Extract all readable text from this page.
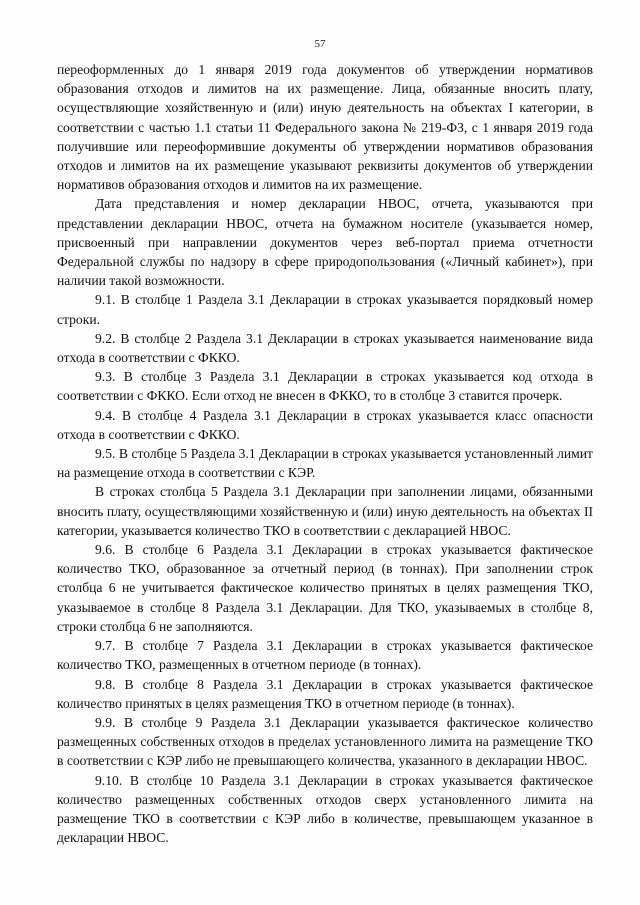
57

переоформленных до 1 января 2019 года документов об утверждении нормативов образования отходов и лимитов на их размещение. Лица, обязанные вносить плату, осуществляющие хозяйственную и (или) иную деятельность на объектах I категории, в соответствии с частью 1.1 статьи 11 Федерального закона № 219-ФЗ, с 1 января 2019 года получившие или переоформившие документы об утверждении нормативов образования отходов и лимитов на их размещение указывают реквизиты документов об утверждении нормативов образования отходов и лимитов на их размещение.

Дата представления и номер декларации НВОС, отчета, указываются при представлении декларации НВОС, отчета на бумажном носителе (указывается номер, присвоенный при направлении документов через веб-портал приема отчетности Федеральной службы по надзору в сфере природопользования («Личный кабинет»), при наличии такой возможности.

9.1. В столбце 1 Раздела 3.1 Декларации в строках указывается порядковый номер строки.

9.2. В столбце 2 Раздела 3.1 Декларации в строках указывается наименование вида отхода в соответствии с ФККО.

9.3. В столбце 3 Раздела 3.1 Декларации в строках указывается код отхода в соответствии с ФККО. Если отход не внесен в ФККО, то в столбце 3 ставится прочерк.

9.4. В столбце 4 Раздела 3.1 Декларации в строках указывается класс опасности отхода в соответствии с ФККО.

9.5. В столбце 5 Раздела 3.1 Декларации в строках указывается установленный лимит на размещение отхода в соответствии с КЭР.

В строках столбца 5 Раздела 3.1 Декларации при заполнении лицами, обязанными вносить плату, осуществляющими хозяйственную и (или) иную деятельность на объектах II категории, указывается количество ТКО в соответствии с декларацией НВОС.

9.6. В столбце 6 Раздела 3.1 Декларации в строках указывается фактическое количество ТКО, образованное за отчетный период (в тоннах). При заполнении строк столбца 6 не учитывается фактическое количество принятых в целях размещения ТКО, указываемое в столбце 8 Раздела 3.1 Декларации. Для ТКО, указываемых в столбце 8, строки столбца 6 не заполняются.

9.7. В столбце 7 Раздела 3.1 Декларации в строках указывается фактическое количество ТКО, размещенных в отчетном периоде (в тоннах).

9.8. В столбце 8 Раздела 3.1 Декларации в строках указывается фактическое количество принятых в целях размещения ТКО в отчетном периоде (в тоннах).

9.9. В столбце 9 Раздела 3.1 Декларации указывается фактическое количество размещенных собственных отходов в пределах установленного лимита на размещение ТКО в соответствии с КЭР либо не превышающего количества, указанного в декларации НВОС.

9.10. В столбце 10 Раздела 3.1 Декларации в строках указывается фактическое количество размещенных собственных отходов сверх установленного лимита на размещение ТКО в соответствии с КЭР либо в количестве, превышающем указанное в декларации НВОС.
